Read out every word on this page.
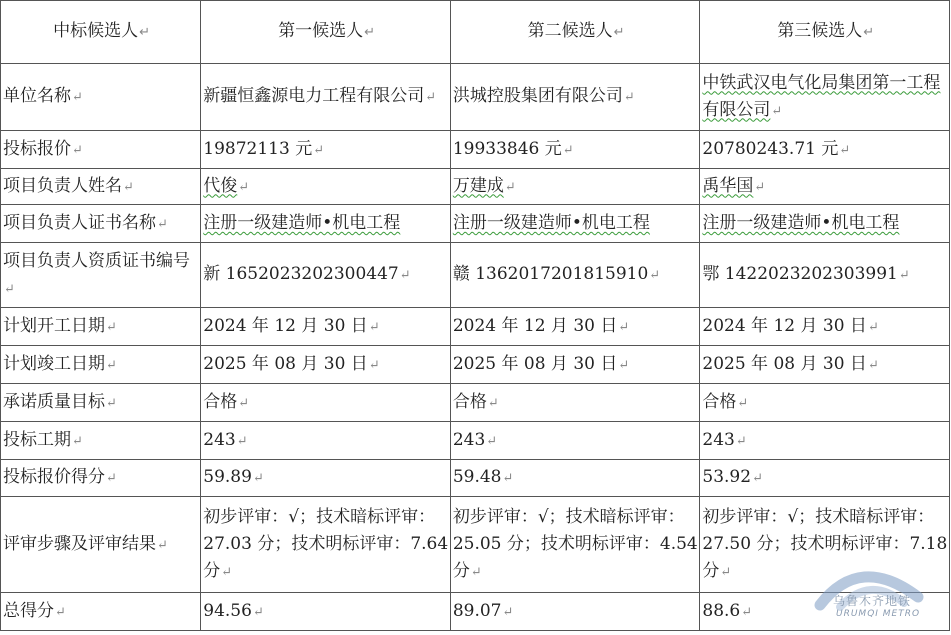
中标候选人↵	第一候选人↵	第二候选人↵	第三候选人↵
单位名称↵	新疆恒鑫源电力工程有限公司↵	洪城控股集团有限公司↵	中铁武汉电气化局集团第一工程有限公司↵
投标报价↵	19872113 元↵	19933846 元↵	20780243.71 元↵
项目负责人姓名↵	代俊↵	万建成↵	禹华国↵
项目负责人证书名称↵	注册一级建造师•机电工程	注册一级建造师•机电工程	注册一级建造师•机电工程
项目负责人资质证书编号↵	新 1652023202300447↵	赣 1362017201815910↵	鄂 1422023202303991↵
计划开工日期↵	2024 年 12 月 30 日↵	2024 年 12 月 30 日↵	2024 年 12 月 30 日↵
计划竣工日期↵	2025 年 08 月 30 日↵	2025 年 08 月 30 日↵	2025 年 08 月 30 日↵
承诺质量目标↵	合格↵	合格↵	合格↵
投标工期↵	243↵	243↵	243↵
投标报价得分↵	59.89↵	59.48↵	53.92↵
评审步骤及评审结果↵	初步评审：√；技术暗标评审：27.03 分；技术明标评审：7.64 分↵	初步评审：√；技术暗标评审：25.05 分；技术明标评审：4.54 分↵	初步评审：√；技术暗标评审：27.50 分；技术明标评审：7.18 分↵
总得分↵	94.56↵	89.07↵	88.6↵
乌鲁木齐地铁
URUMQI METRO
